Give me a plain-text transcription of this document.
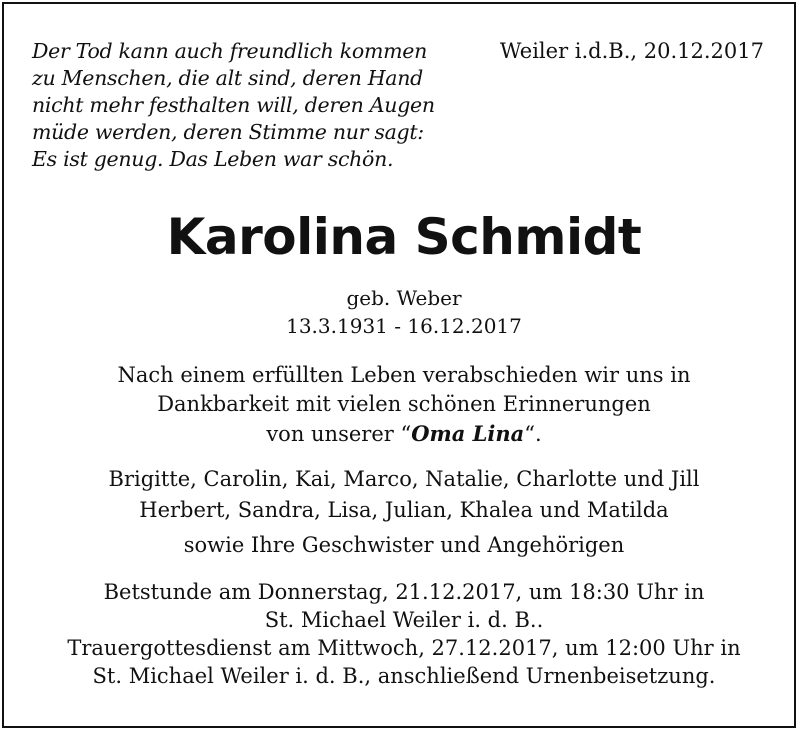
Der Tod kann auch freundlich kommen
zu Menschen, die alt sind, deren Hand
nicht mehr festhalten will, deren Augen
müde werden, deren Stimme nur sagt:
Es ist genug. Das Leben war schön.
Weiler i.d.B., 20.12.2017
Karolina Schmidt
geb. Weber
13.3.1931 - 16.12.2017
Nach einem erfüllten Leben verabschieden wir uns in
Dankbarkeit mit vielen schönen Erinnerungen
von unserer “Oma Lina“.
Brigitte, Carolin, Kai, Marco, Natalie, Charlotte und Jill
Herbert, Sandra, Lisa, Julian, Khalea und Matilda
sowie Ihre Geschwister und Angehörigen
Betstunde am Donnerstag, 21.12.2017, um 18:30 Uhr in
St. Michael Weiler i. d. B..
Trauergottesdienst am Mittwoch, 27.12.2017, um 12:00 Uhr in
St. Michael Weiler i. d. B., anschließend Urnenbeisetzung.
